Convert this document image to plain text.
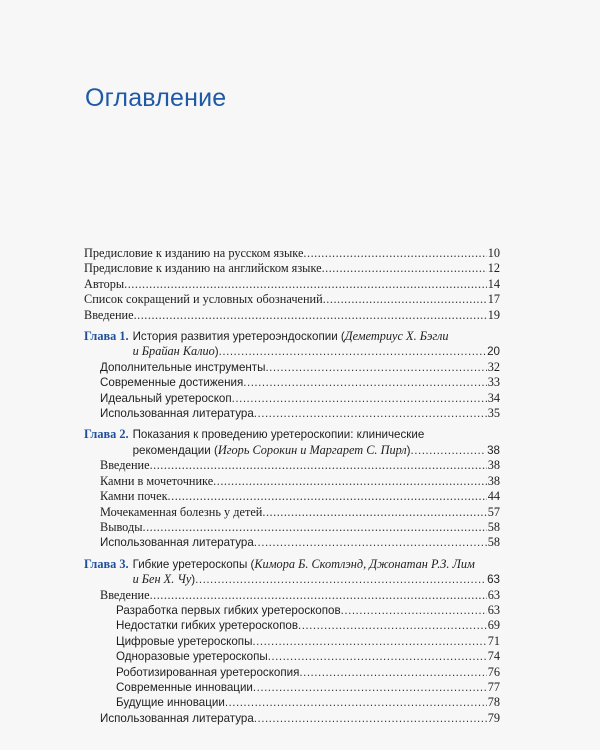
Оглавление
Предисловие к изданию на русском языке .....	10
Предисловие к изданию на английском языке .....	12
Авторы .....	14
Список сокращений и условных обозначений .....	17
Введение .....	19
Глава 1. История развития уретероэндоскопии ( Деметриус Х. Бэгли
и Брайан Калио ) .....	20
Дополнительные инструменты .....	32
Современные достижения .....	33
Идеальный уретероскоп .....	34
Использованная литература .....	35
Глава 2. Показания к проведению уретероскопии: клинические
рекомендации ( Игорь Сорокин и Маргарет С. Пирл ) .....	38
Введение .....	38
Камни в мочеточнике .....	38
Камни почек .....	44
Мочекаменная болезнь у детей .....	57
Выводы .....	58
Использованная литература .....	58
Глава 3. Гибкие уретероскопы ( Кимора Б. Скотлэнд, Джонатан Р.З. Лим
и Бен Х. Чу ) .....	63
Введение .....	63
Разработка первых гибких уретероскопов .....	63
Недостатки гибких уретероскопов .....	69
Цифровые уретероскопы .....	71
Одноразовые уретероскопы .....	74
Роботизированная уретероскопия .....	76
Современные инновации .....	77
Будущие инновации .....	78
Использованная литература .....	79
